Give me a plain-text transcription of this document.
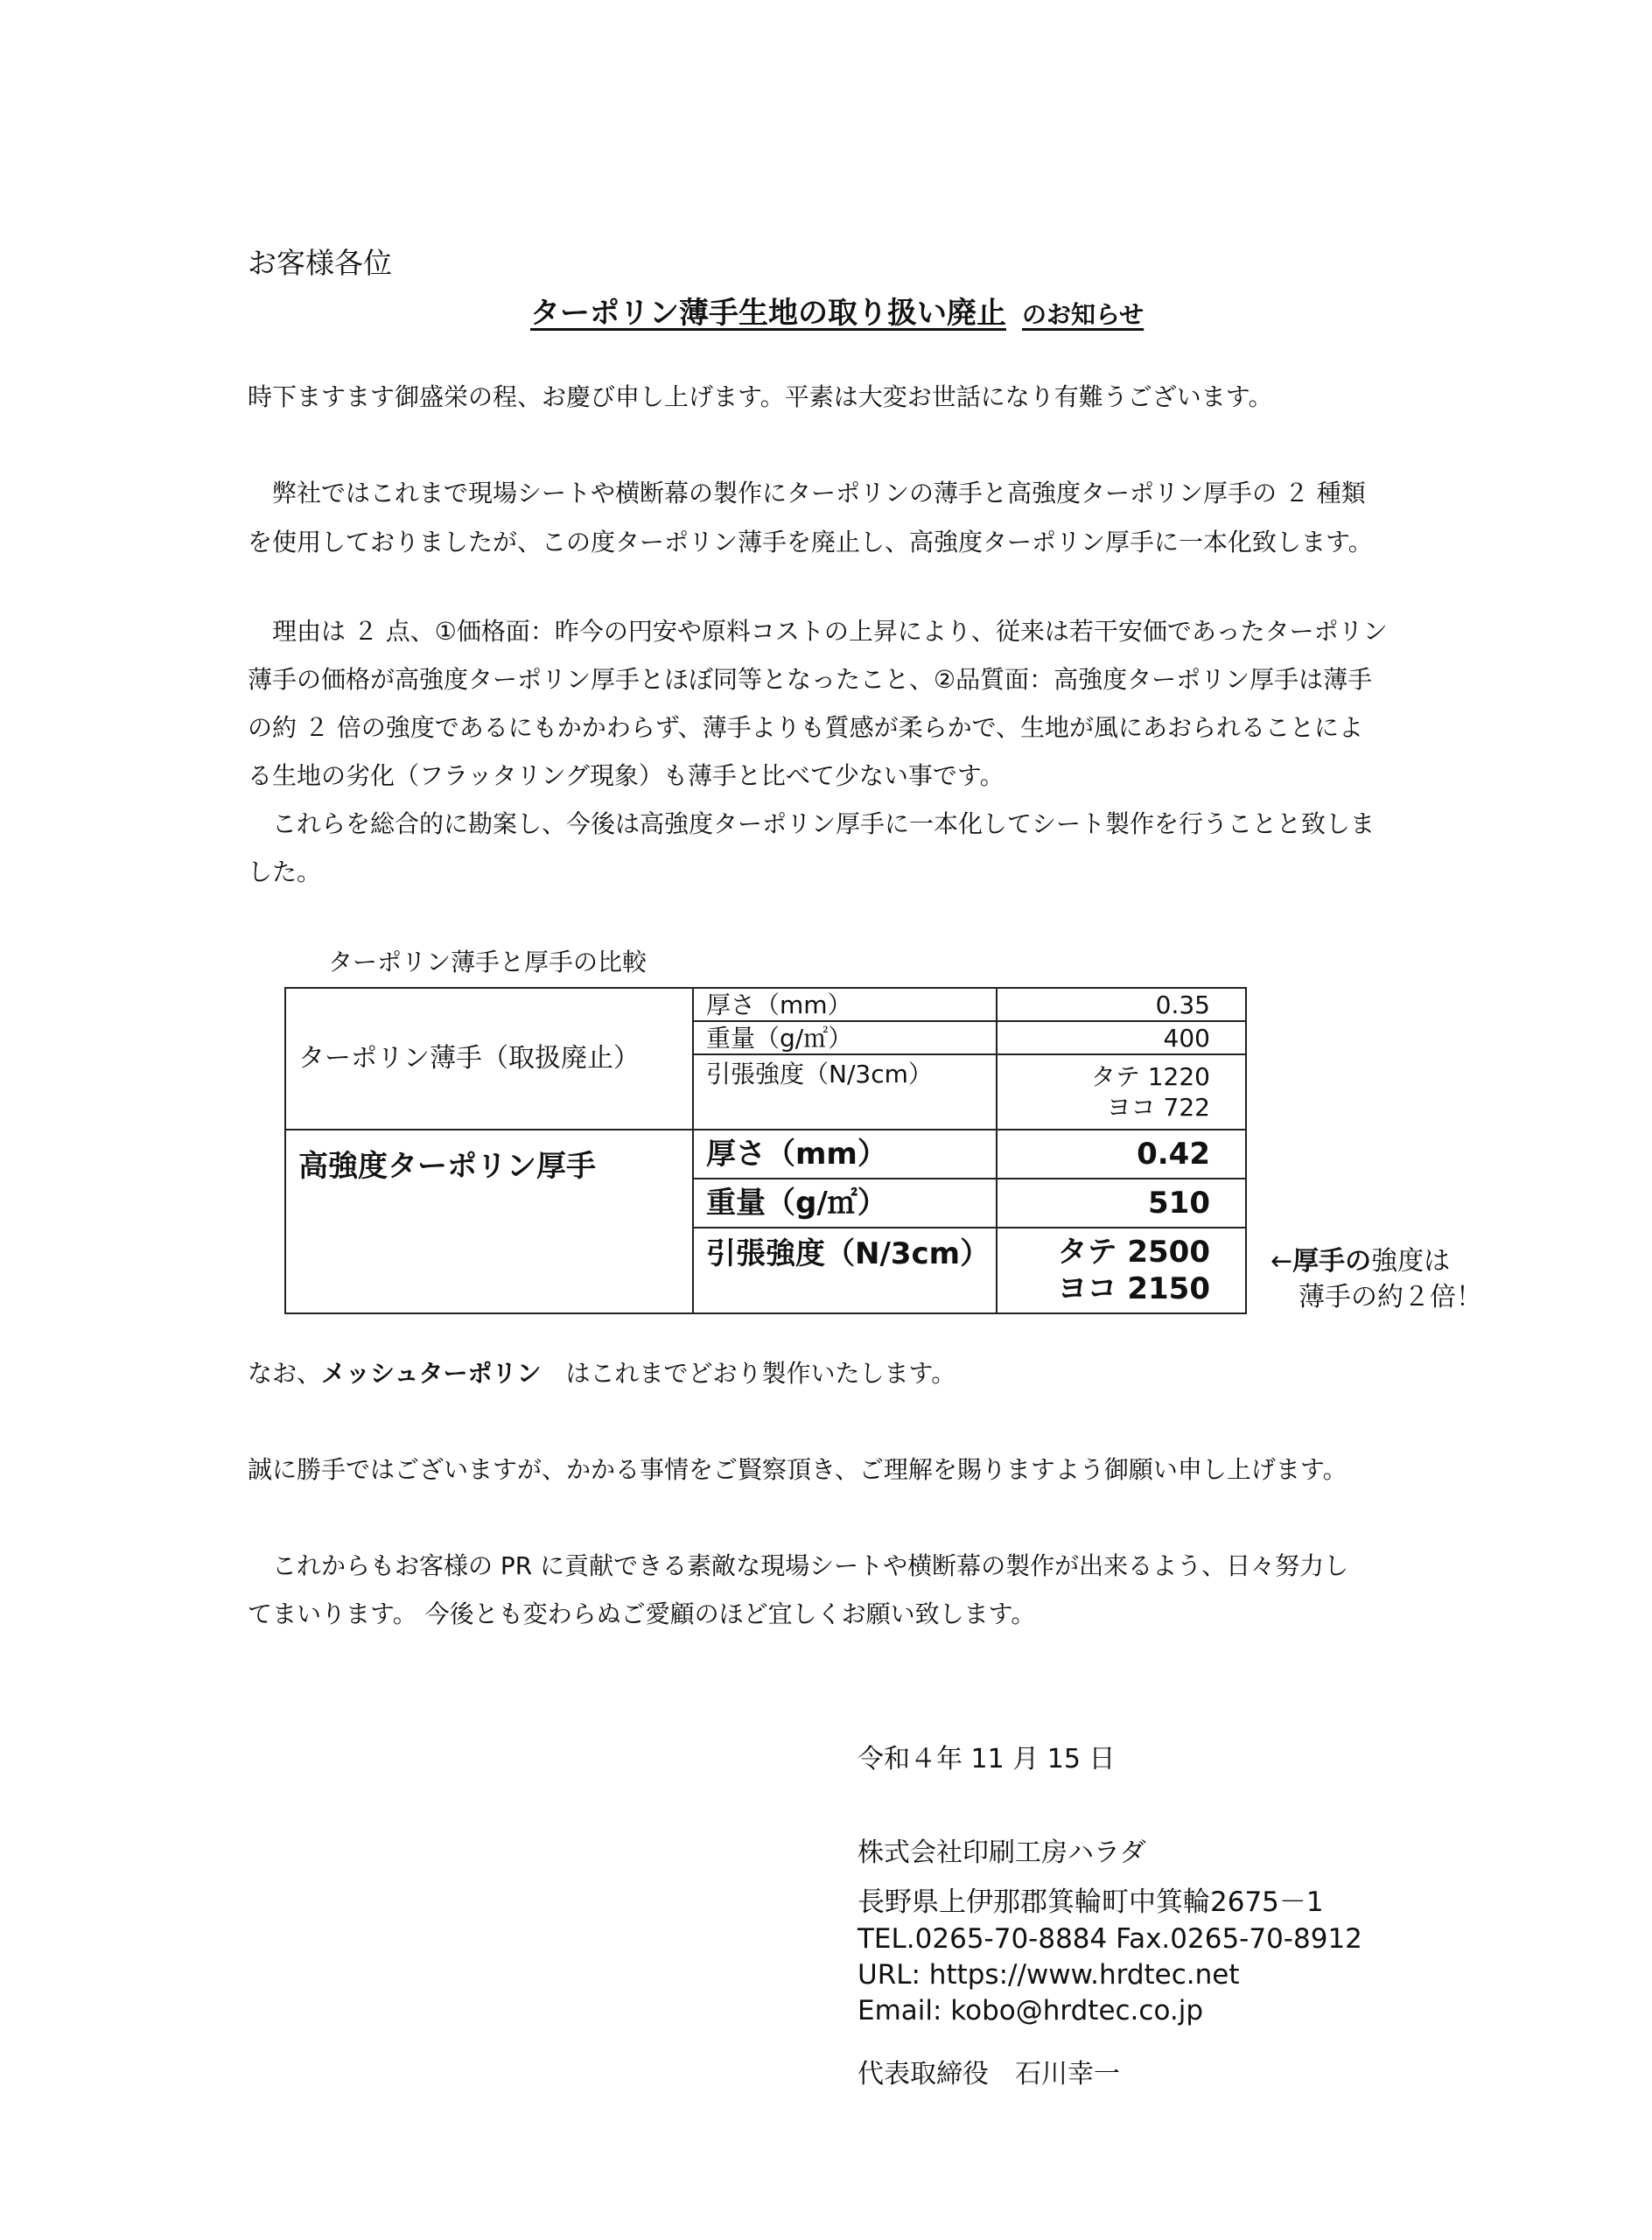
お客様各位
ターポリン薄手生地の取り扱い廃止 のお知らせ
時下ますます御盛栄の程、お慶び申し上げます。平素は大変お世話になり有難うございます。
　弊社ではこれまで現場シートや横断幕の製作にターポリンの薄手と高強度ターポリン厚手の ２ 種類
を使用しておりましたが、この度ターポリン薄手を廃止し、高強度ターポリン厚手に一本化致します。
　理由は ２ 点、①価格面：昨今の円安や原料コストの上昇により、従来は若干安価であったターポリン
薄手の価格が高強度ターポリン厚手とほぼ同等となったこと、②品質面：高強度ターポリン厚手は薄手
の約 ２ 倍の強度であるにもかかわらず、薄手よりも質感が柔らかで、生地が風にあおられることによ
る生地の劣化（フラッタリング現象）も薄手と比べて少ない事です。
　これらを総合的に勘案し、今後は高強度ターポリン厚手に一本化してシート製作を行うことと致しま
した。
ターポリン薄手と厚手の比較
ターポリン薄手（取扱廃止）	厚さ（mm）	0.35
	重量（g/㎡）	400
	引張強度（N/3cm）	タテ 1220
ヨコ 722

高強度ターポリン厚手	厚さ（mm）	0.42
	重量（g/㎡）	510
	引張強度（N/3cm）	タテ 2500
ヨコ 2150
←厚手の強度は
薄手の約２倍！
なお、メッシュターポリン　はこれまでどおり製作いたします。
誠に勝手ではございますが、かかる事情をご賢察頂き、ご理解を賜りますよう御願い申し上げます。
　これからもお客様の PR に貢献できる素敵な現場シートや横断幕の製作が出来るよう、日々努力し
てまいります。 今後とも変わらぬご愛顧のほど宜しくお願い致します。
令和４年 11 月 15 日
株式会社印刷工房ハラダ
長野県上伊那郡箕輪町中箕輪2675－1
TEL.0265-70-8884 Fax.0265-70-8912
URL: https://www.hrdtec.net
Email: kobo@hrdtec.co.jp
代表取締役　石川幸一
